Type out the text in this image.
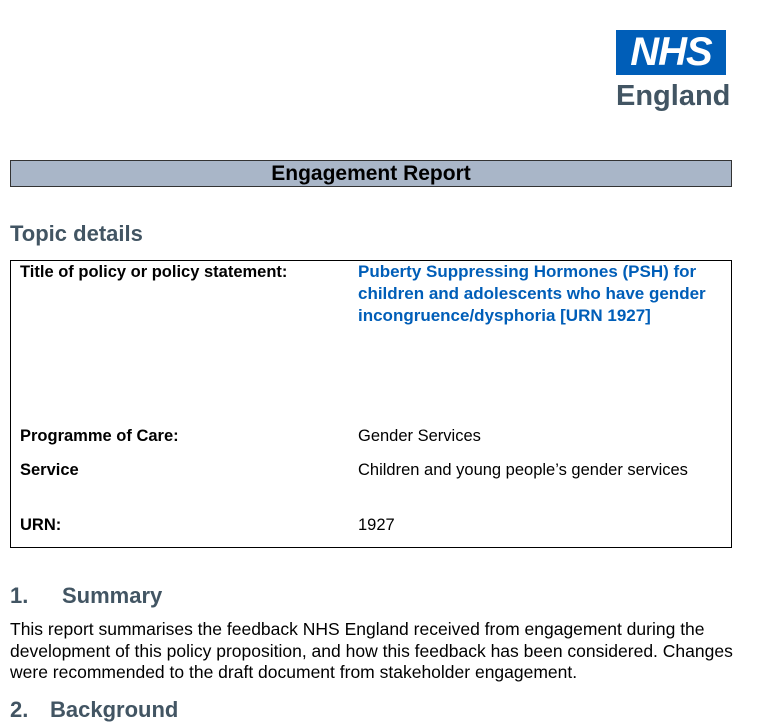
NHS
England
Engagement Report
Topic details
Title of policy or policy statement:	Puberty Suppressing Hormones (PSH) for children and adolescents who have gender incongruence/dysphoria [URN 1927]
Programme of Care:	Gender Services
Service	Children and young people’s gender services
URN:	1927
1. Summary
This report summarises the feedback NHS England received from engagement during the development of this policy proposition, and how this feedback has been considered. Changes were recommended to the draft document from stakeholder engagement.
2. Background
